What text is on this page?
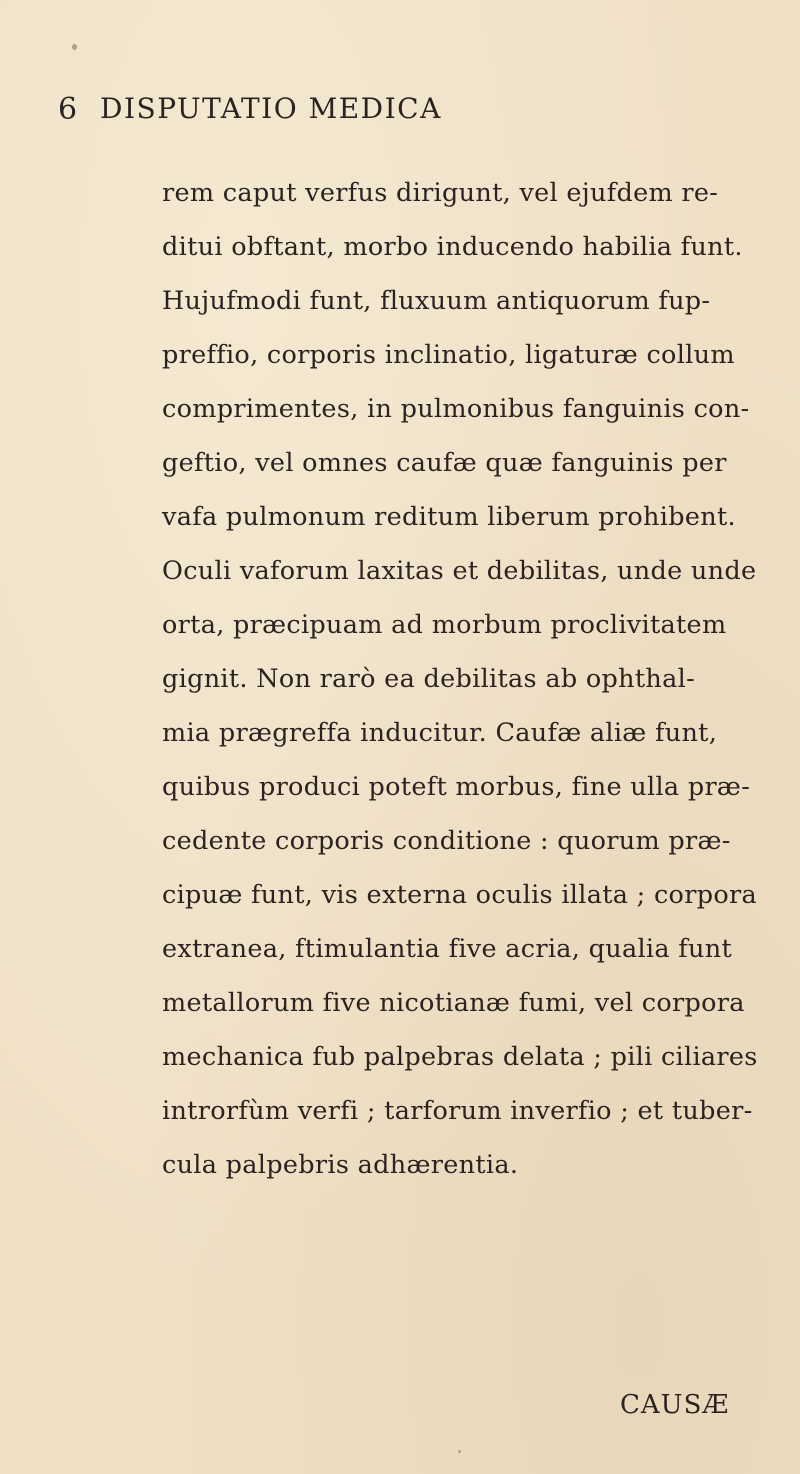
6 DISPUTATIO MEDICA
rem caput verfus dirigunt, vel ejufdem re-
ditui obftant, morbo inducendo habilia funt.
Hujufmodi funt, fluxuum antiquorum fup-
preffio, corporis inclinatio, ligaturæ collum
comprimentes, in pulmonibus fanguinis con-
geftio, vel omnes caufæ quæ fanguinis per
vafa pulmonum reditum liberum prohibent.
Oculi vaforum laxitas et debilitas, unde unde
orta, præcipuam ad morbum proclivitatem
gignit. Non rarò ea debilitas ab ophthal-
mia prægreffa inducitur. Caufæ aliæ funt,
quibus produci poteft morbus, fine ulla præ-
cedente corporis conditione : quorum præ-
cipuæ funt, vis externa oculis illata ; corpora
extranea, ftimulantia five acria, qualia funt
metallorum five nicotianæ fumi, vel corpora
mechanica fub palpebras delata ; pili ciliares
introrfùm verfi ; tarforum inverfio ; et tuber-
cula palpebris adhærentia.
CAUSÆ
